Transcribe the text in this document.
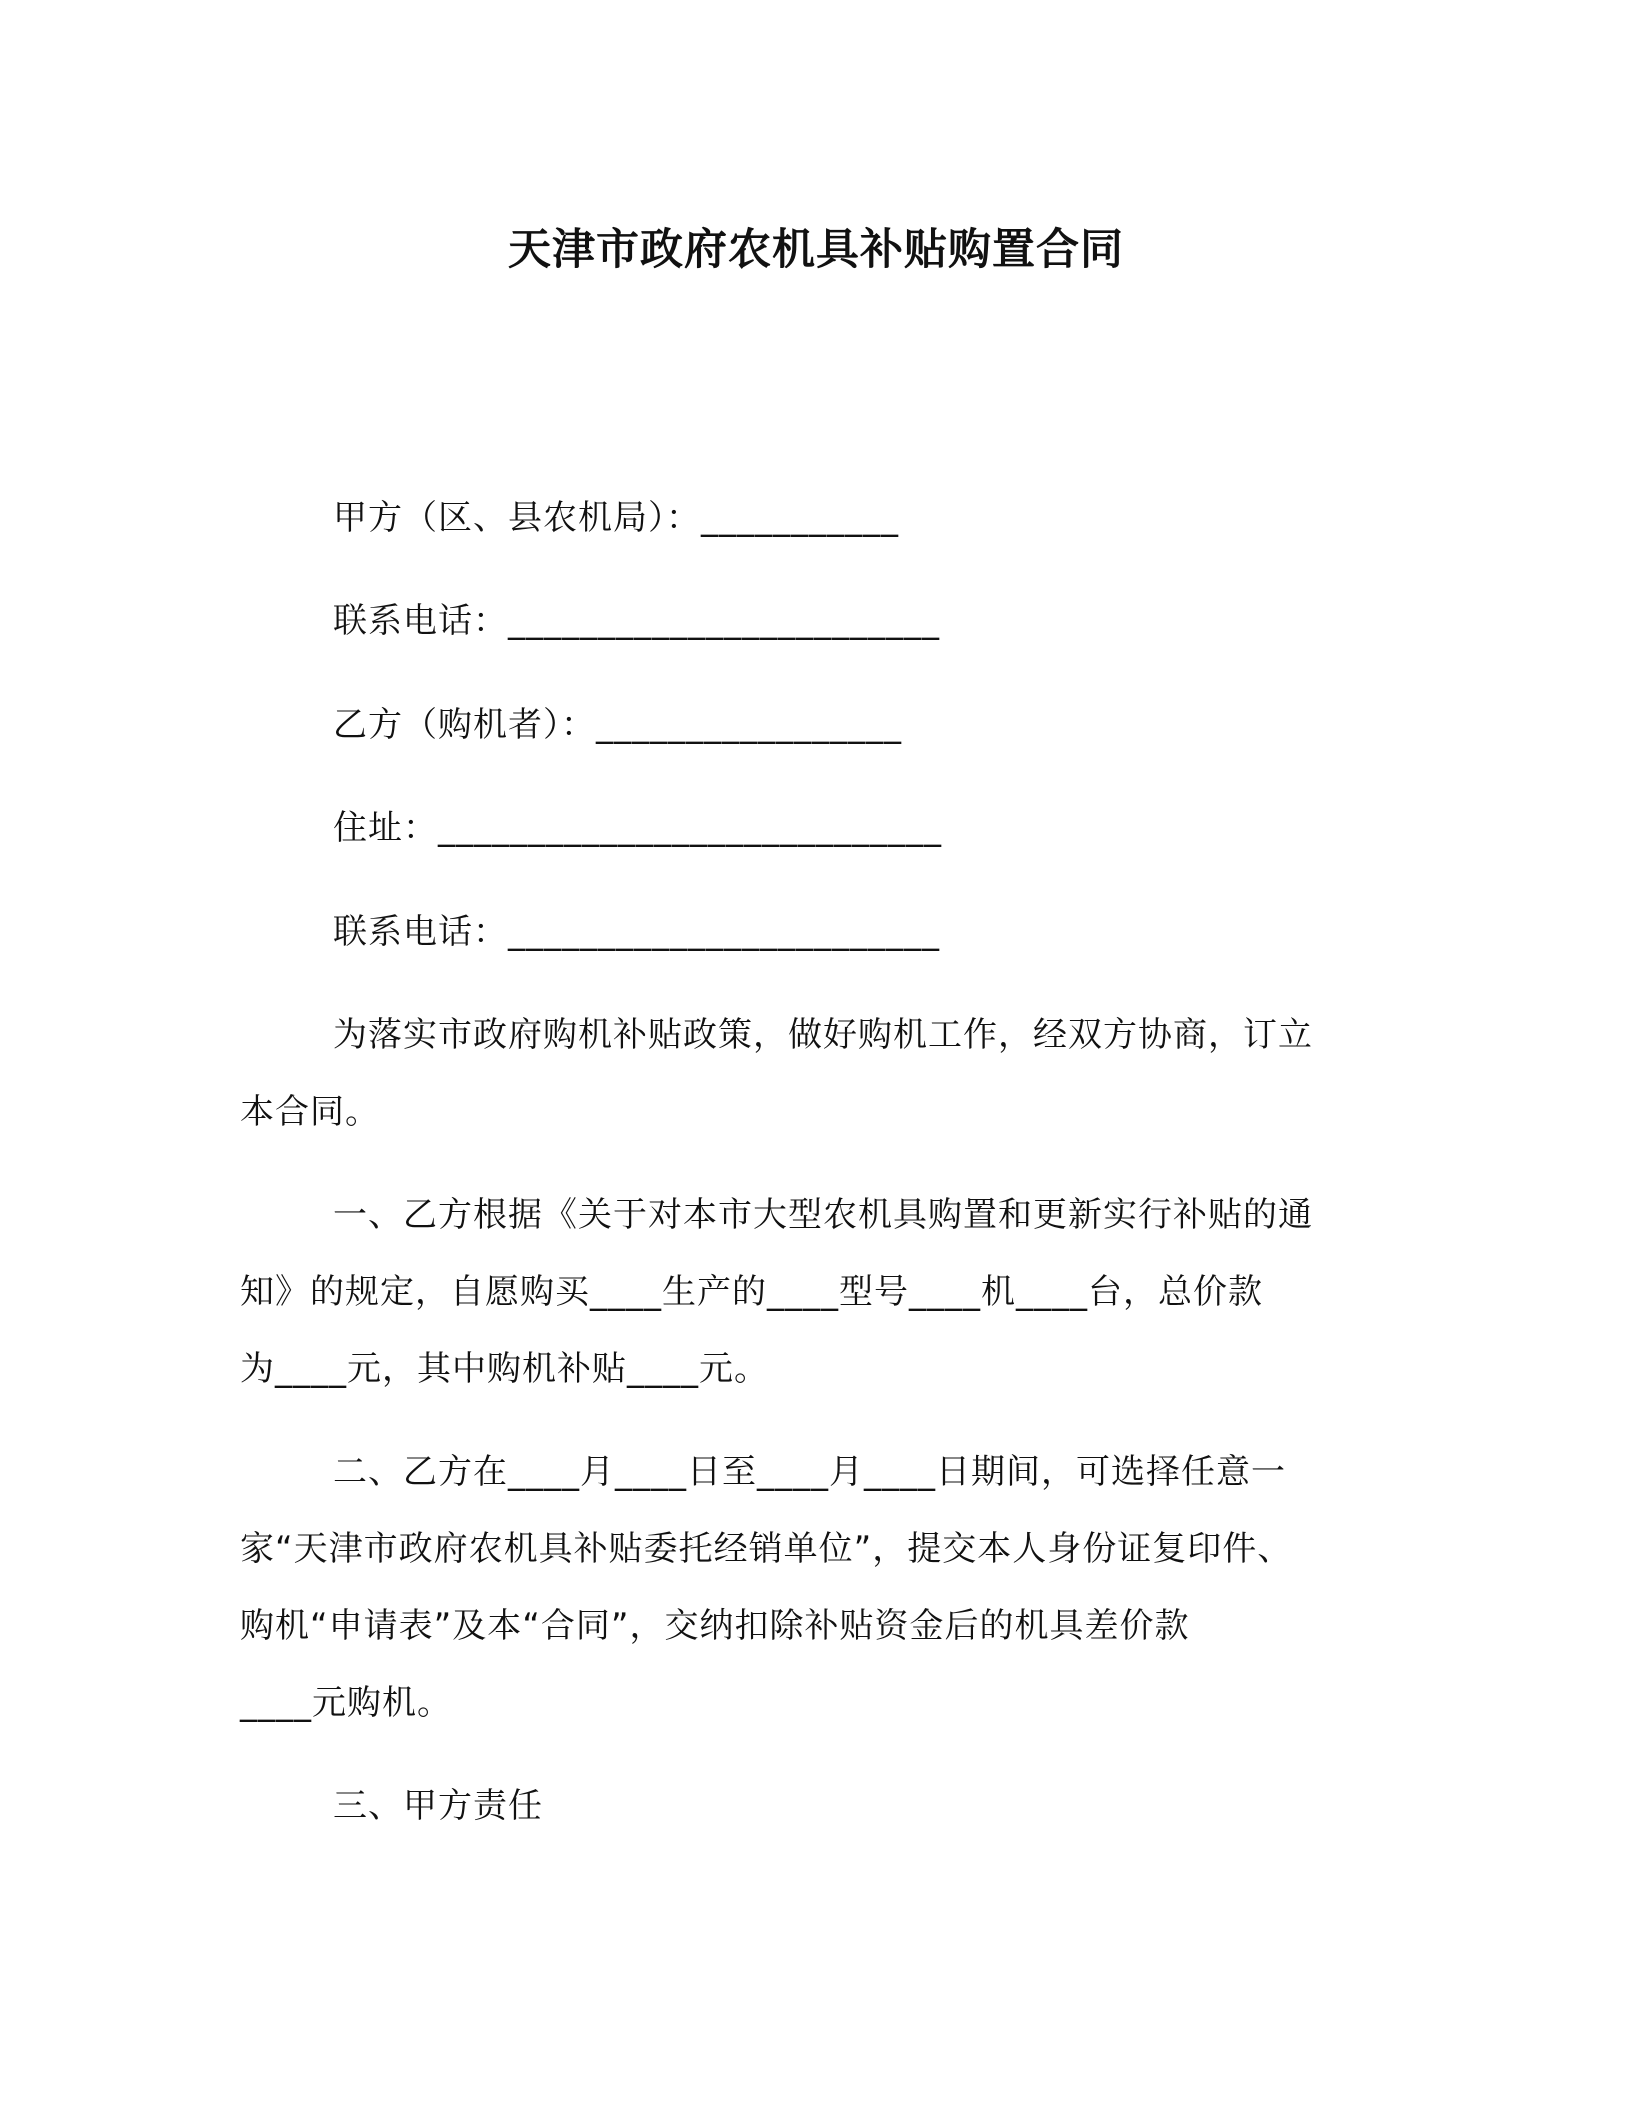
天津市政府农机具补贴购置合同
甲方（区、县农机局）：___________
联系电话：________________________
乙方（购机者）：_________________
住址：____________________________
联系电话：________________________
为落实市政府购机补贴政策，做好购机工作，经双方协商，订立
本合同。
一、乙方根据《关于对本市大型农机具购置和更新实行补贴的通
知》的规定，自愿购买____生产的____型号____机____台，总价款
为____元，其中购机补贴____元。
二、乙方在____月____日至____月____日期间，可选择任意一
家“天津市政府农机具补贴委托经销单位”，提交本人身份证复印件、
购机“申请表”及本“合同”，交纳扣除补贴资金后的机具差价款
____元购机。
三、甲方责任
